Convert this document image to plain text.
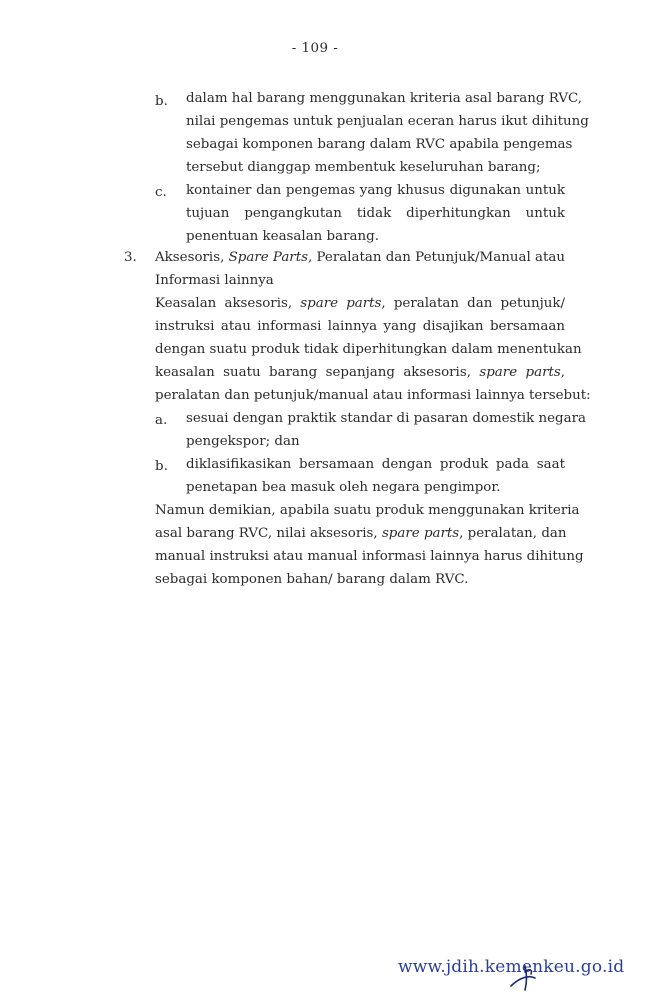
- 109 -
b. dalam hal barang menggunakan kriteria asal barang RVC,
nilai pengemas untuk penjualan eceran harus ikut dihitung
sebagai komponen barang dalam RVC apabila pengemas
tersebut dianggap membentuk keseluruhan barang;
c. kontainer dan pengemas yang khusus digunakan untuk
tujuan pengangkutan tidak diperhitungkan untuk
penentuan keasalan barang.
3. Aksesoris, Spare Parts, Peralatan dan Petunjuk/Manual atau
Informasi lainnya
Keasalan aksesoris, spare parts, peralatan dan petunjuk/
instruksi atau informasi lainnya yang disajikan bersamaan
dengan suatu produk tidak diperhitungkan dalam menentukan
keasalan suatu barang sepanjang aksesoris, spare parts,
peralatan dan petunjuk/manual atau informasi lainnya tersebut:
a. sesuai dengan praktik standar di pasaran domestik negara
pengekspor; dan
b. diklasifikasikan bersamaan dengan produk pada saat
penetapan bea masuk oleh negara pengimpor.
Namun demikian, apabila suatu produk menggunakan kriteria
asal barang RVC, nilai aksesoris, spare parts, peralatan, dan
manual instruksi atau manual informasi lainnya harus dihitung
sebagai komponen bahan/ barang dalam RVC.
www.jdih.kemenkeu.go.id
